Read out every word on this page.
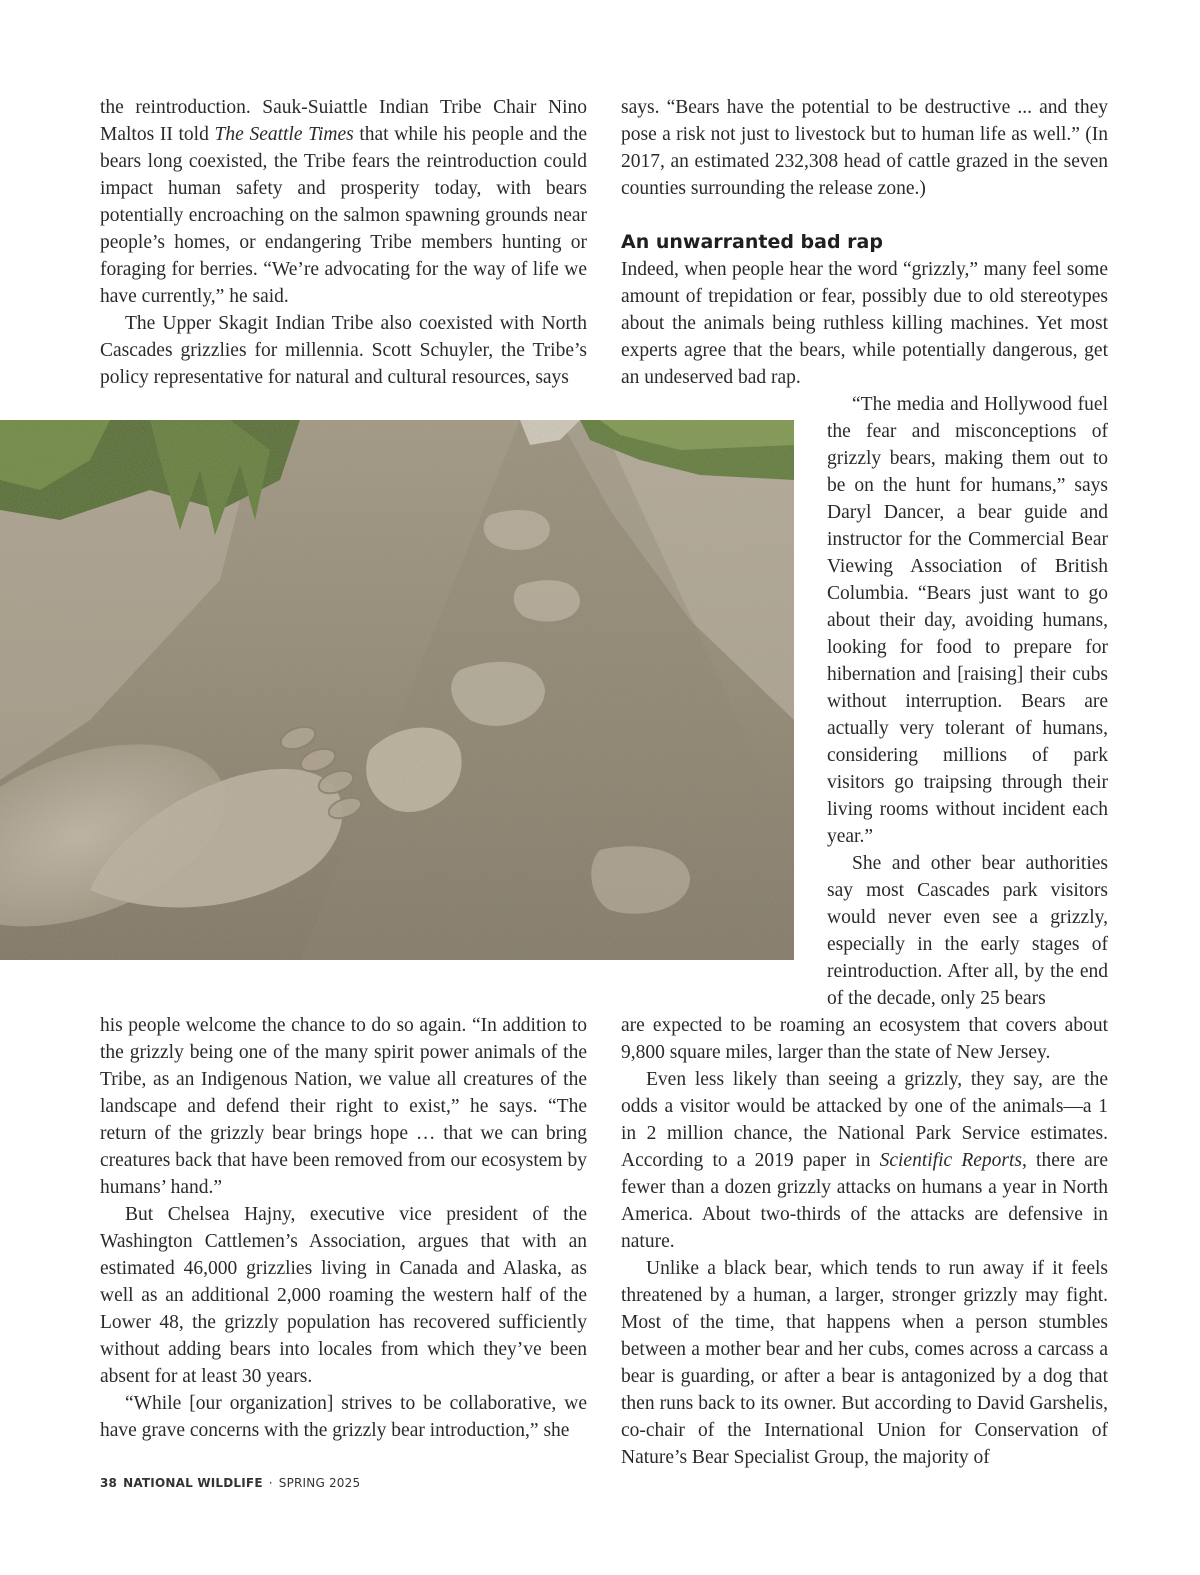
the reintroduction. Sauk-Suiattle Indian Tribe Chair Nino Maltos II told The Seattle Times that while his people and the bears long coexisted, the Tribe fears the reintroduction could impact human safety and prosperity today, with bears potentially encroaching on the salmon spawning grounds near people’s homes, or endangering Tribe members hunting or foraging for berries. “We’re advocating for the way of life we have currently,” he said.

The Upper Skagit Indian Tribe also coexisted with North Cascades grizzlies for millennia. Scott Schuyler, the Tribe’s policy representative for natural and cultural resources, says

says. “Bears have the potential to be destructive ... and they pose a risk not just to livestock but to human life as well.” (In 2017, an estimated 232,308 head of cattle grazed in the seven counties surrounding the release zone.)

An unwarranted bad rap

Indeed, when people hear the word “grizzly,” many feel some amount of trepidation or fear, possibly due to old stereotypes about the animals being ruthless killing machines. Yet most experts agree that the bears, while potentially dangerous, get an undeserved bad rap.

“The media and Hollywood fuel the fear and misconceptions of grizzly bears, making them out to be on the hunt for humans,” says Daryl Dancer, a bear guide and instructor for the Commercial Bear Viewing Association of British Columbia. “Bears just want to go about their day, avoiding humans, looking for food to prepare for hibernation and [raising] their cubs without interruption. Bears are actually very tolerant of humans, considering millions of park visitors go traipsing through their living rooms without incident each year.”

She and other bear authorities say most Cascades park visitors would never even see a grizzly, especially in the early stages of reintroduction. After all, by the end of the decade, only 25 bears

his people welcome the chance to do so again. “In addition to the grizzly being one of the many spirit power animals of the Tribe, as an Indigenous Nation, we value all creatures of the landscape and defend their right to exist,” he says. “The return of the grizzly bear brings hope … that we can bring creatures back that have been removed from our ecosystem by humans’ hand.”

But Chelsea Hajny, executive vice president of the Washington Cattlemen’s Association, argues that with an estimated 46,000 grizzlies living in Canada and Alaska, as well as an additional 2,000 roaming the western half of the Lower 48, the grizzly population has recovered sufficiently without adding bears into locales from which they’ve been absent for at least 30 years.

“While [our organization] strives to be collaborative, we have grave concerns with the grizzly bear introduction,” she

are expected to be roaming an ecosystem that covers about 9,800 square miles, larger than the state of New Jersey.

Even less likely than seeing a grizzly, they say, are the odds a visitor would be attacked by one of the animals—a 1 in 2 million chance, the National Park Service estimates. According to a 2019 paper in Scientific Reports, there are fewer than a dozen grizzly attacks on humans a year in North America. About two-thirds of the attacks are defensive in nature.

Unlike a black bear, which tends to run away if it feels threatened by a human, a larger, stronger grizzly may fight. Most of the time, that happens when a person stumbles between a mother bear and her cubs, comes across a carcass a bear is guarding, or after a bear is antagonized by a dog that then runs back to its owner. But according to David Garshelis, co-chair of the International Union for Conservation of Nature’s Bear Specialist Group, the majority of

38 NATIONAL WILDLIFE · SPRING 2025
